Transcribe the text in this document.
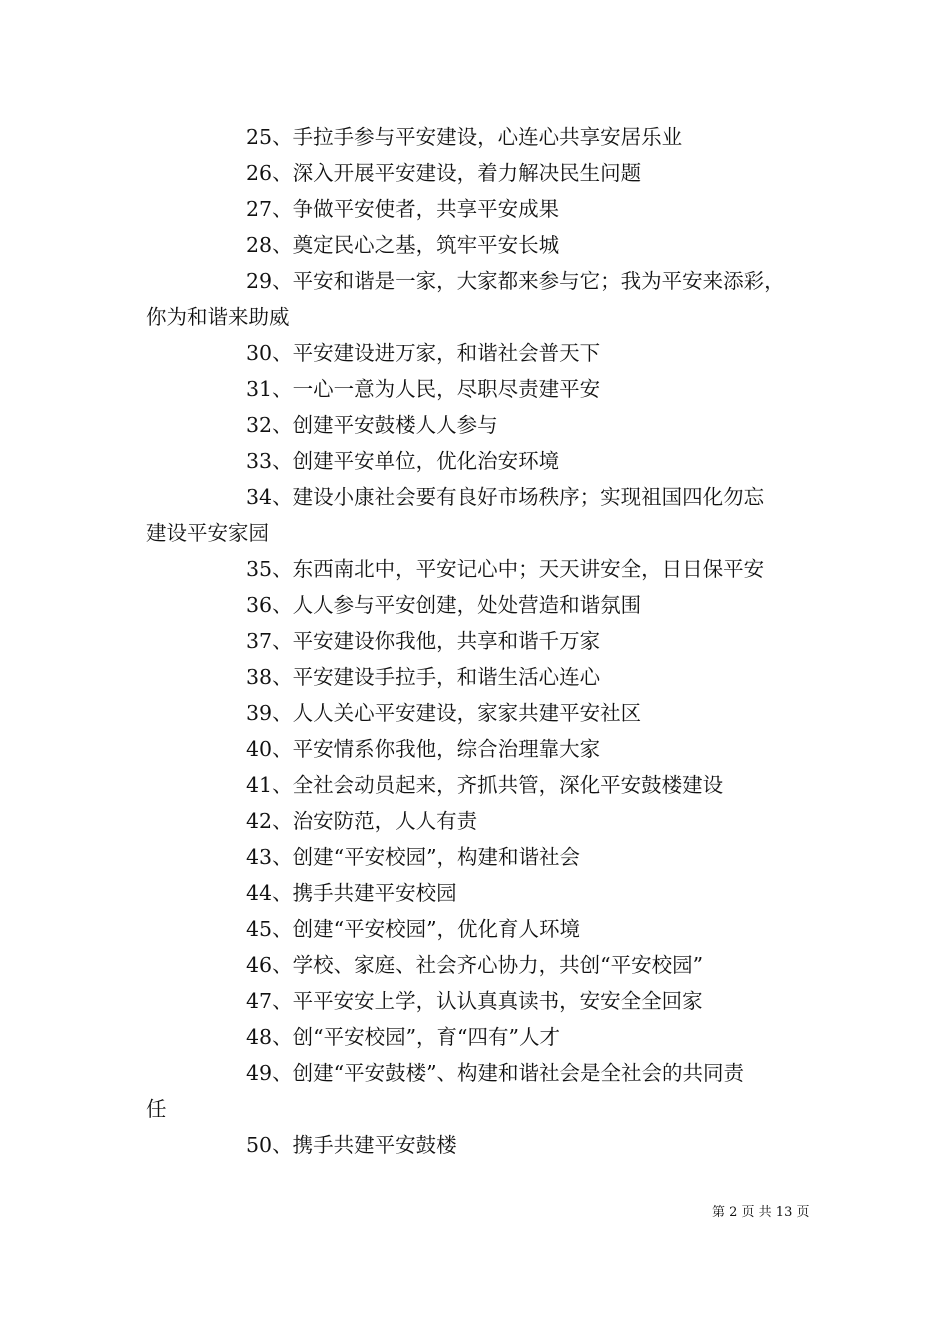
25、手拉手参与平安建设，心连心共享安居乐业

26、深入开展平安建设，着力解决民生问题

27、争做平安使者，共享平安成果

28、奠定民心之基，筑牢平安长城

29、平安和谐是一家，大家都来参与它；我为平安来添彩，
你为和谐来助威

30、平安建设进万家，和谐社会普天下

31、一心一意为人民，尽职尽责建平安

32、创建平安鼓楼人人参与

33、创建平安单位，优化治安环境

34、建设小康社会要有良好市场秩序；实现祖国四化勿忘
建设平安家园

35、东西南北中，平安记心中；天天讲安全，日日保平安

36、人人参与平安创建，处处营造和谐氛围

37、平安建设你我他，共享和谐千万家

38、平安建设手拉手，和谐生活心连心

39、人人关心平安建设，家家共建平安社区

40、平安情系你我他，综合治理靠大家

41、全社会动员起来，齐抓共管，深化平安鼓楼建设

42、治安防范，人人有责

43、创建“平安校园”，构建和谐社会

44、携手共建平安校园

45、创建“平安校园”，优化育人环境

46、学校、家庭、社会齐心协力，共创“平安校园”

47、平平安安上学，认认真真读书，安安全全回家

48、创“平安校园”，育“四有”人才

49、创建“平安鼓楼”、构建和谐社会是全社会的共同责
任

50、携手共建平安鼓楼

第 2 页 共 13 页
